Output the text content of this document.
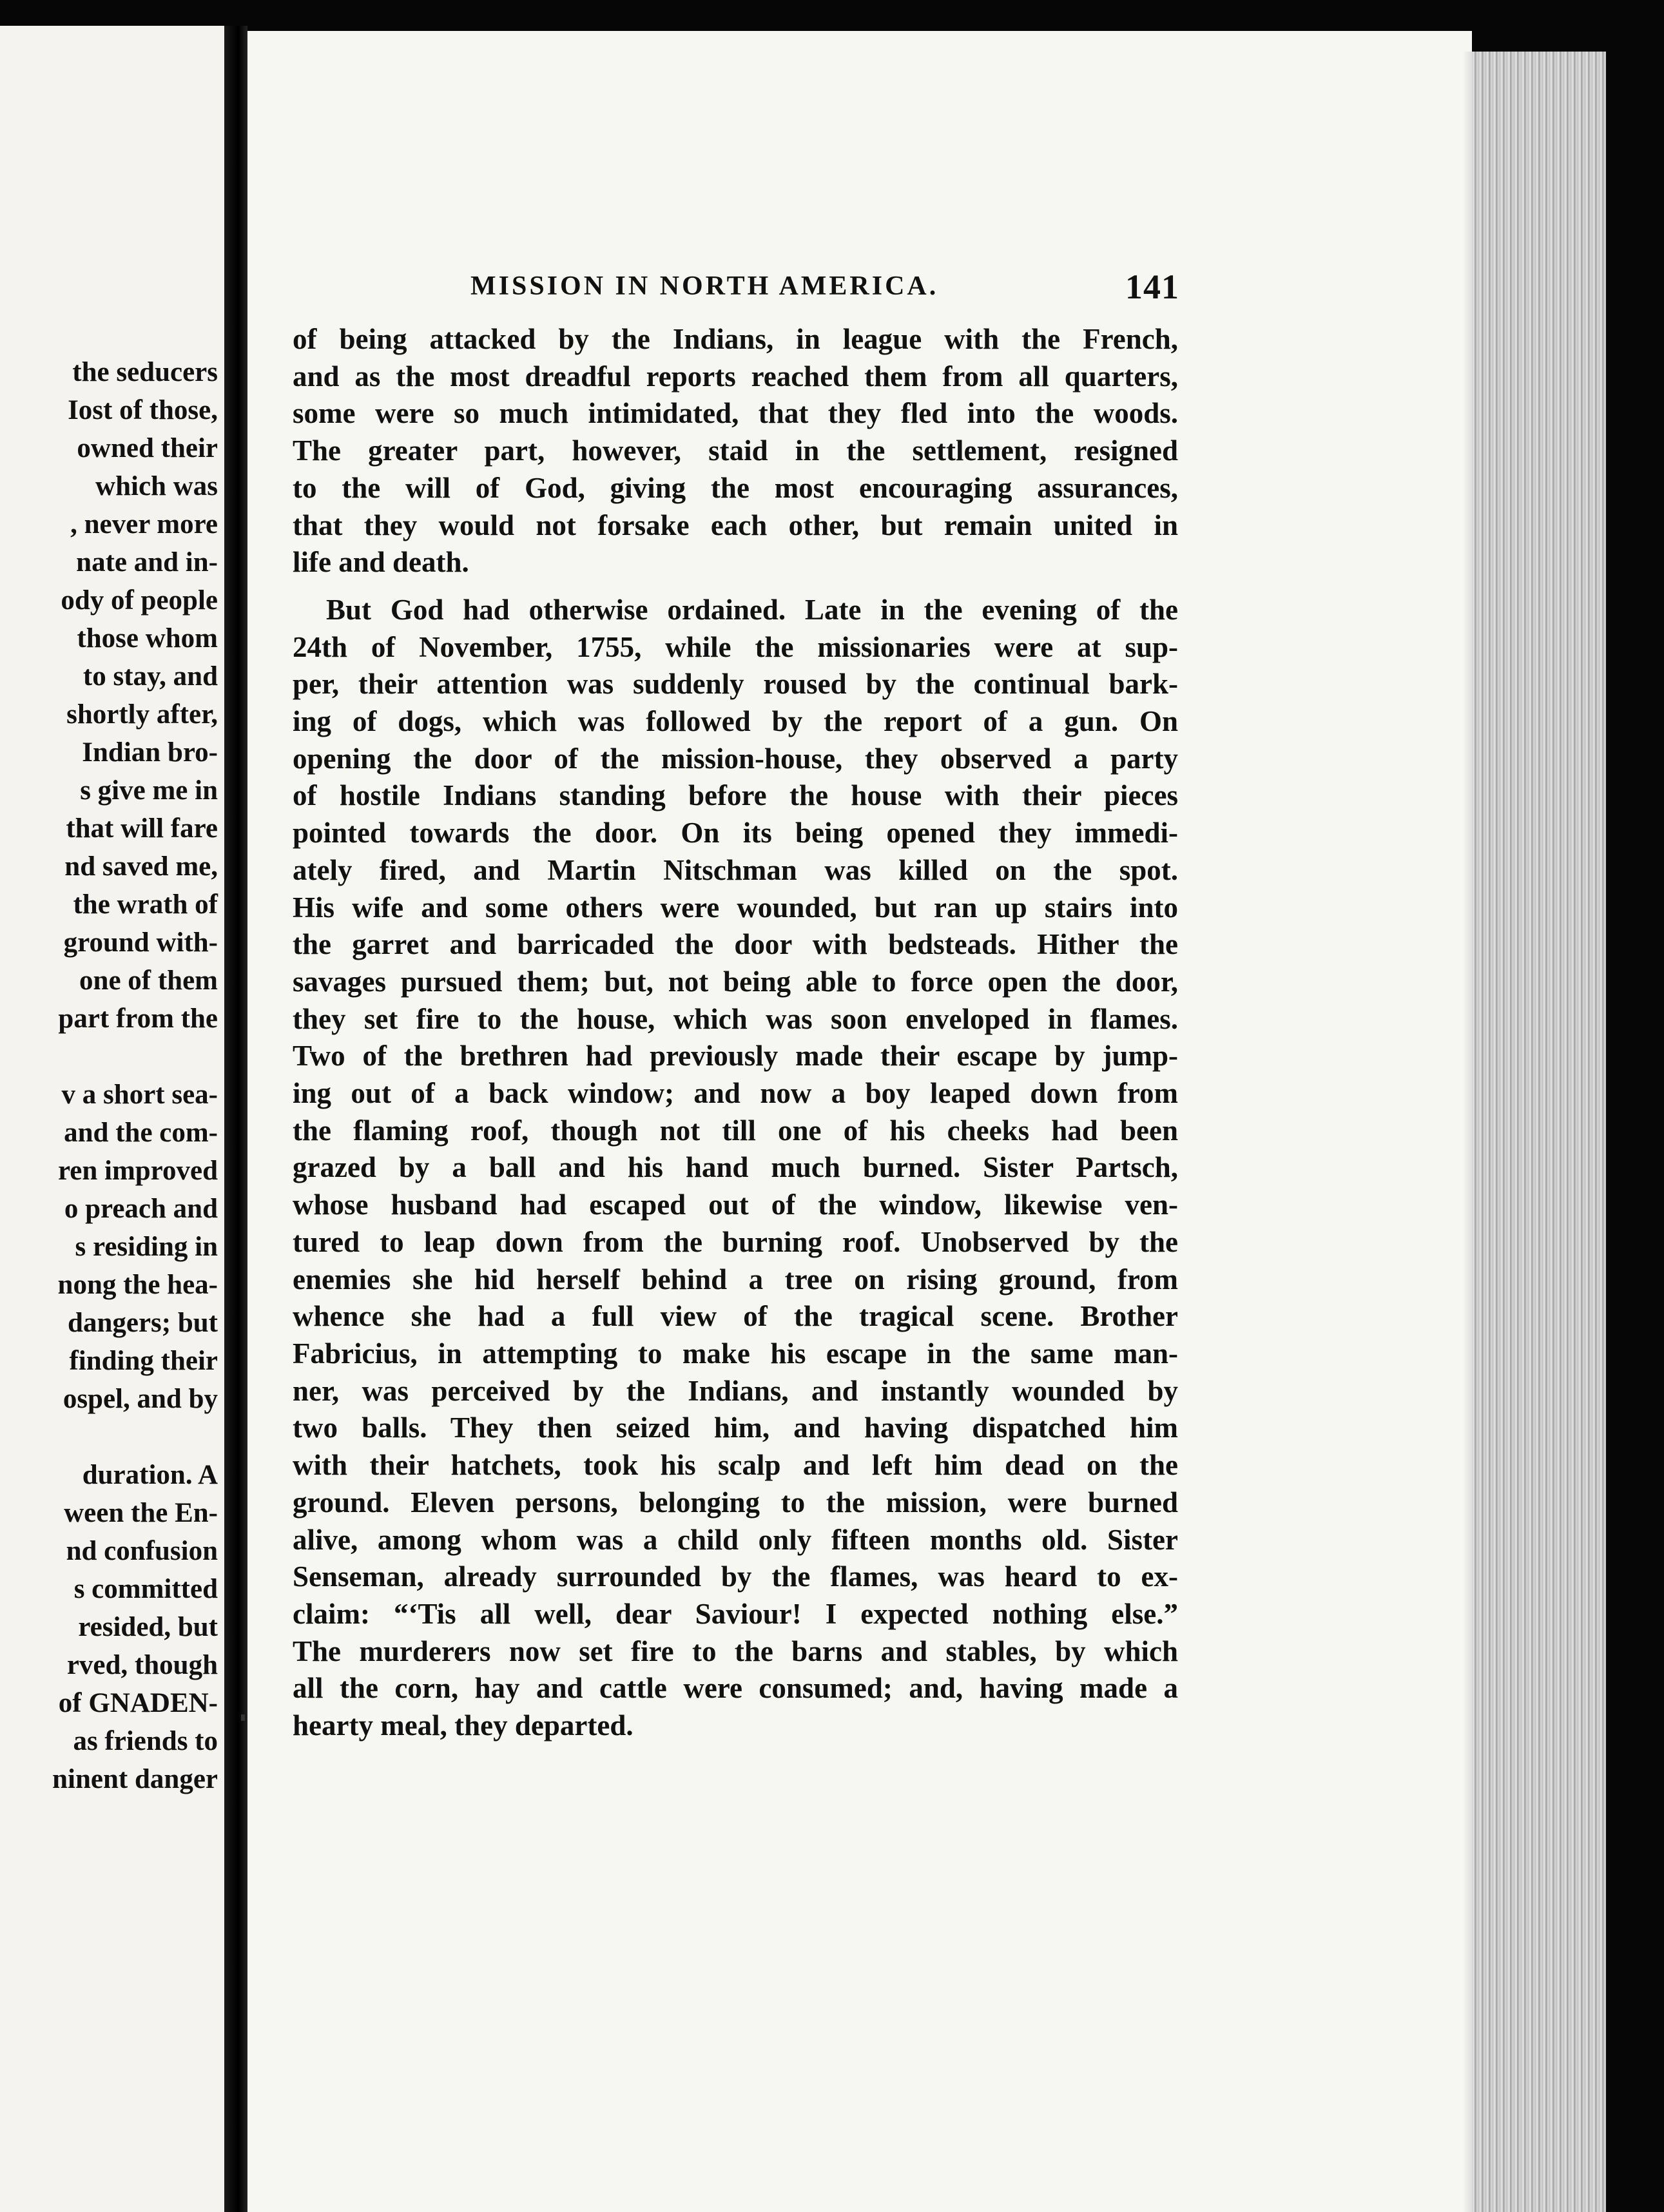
the seducers
Iost of those,
owned their
which was
, never more
nate and in-
ody of people
those whom
to stay, and
shortly after,
Indian bro-
s give me in
that will fare
nd saved me,
the wrath of
ground with-
one of them
part from the

v a short sea-
and the com-
ren improved
o preach and
s residing in
nong the hea-
dangers; but
finding their
ospel, and by

duration. A
ween the En-
nd confusion
s committed
resided, but
rved, though
of GNADEN-
as friends to
ninent danger
MISSION IN NORTH AMERICA.	141
of being attacked by the Indians, in league with the French,
and as the most dreadful reports reached them from all quarters,
some were so much intimidated, that they fled into the woods.
The greater part, however, staid in the settlement, resigned
to the will of God, giving the most encouraging assurances,
that they would not forsake each other, but remain united in
life and death.
But God had otherwise ordained. Late in the evening of the
24th of November, 1755, while the missionaries were at sup-
per, their attention was suddenly roused by the continual bark-
ing of dogs, which was followed by the report of a gun. On
opening the door of the mission-house, they observed a party
of hostile Indians standing before the house with their pieces
pointed towards the door. On its being opened they immedi-
ately fired, and Martin Nitschman was killed on the spot.
His wife and some others were wounded, but ran up stairs into
the garret and barricaded the door with bedsteads. Hither the
savages pursued them; but, not being able to force open the door,
they set fire to the house, which was soon enveloped in flames.
Two of the brethren had previously made their escape by jump-
ing out of a back window; and now a boy leaped down from
the flaming roof, though not till one of his cheeks had been
grazed by a ball and his hand much burned. Sister Partsch,
whose husband had escaped out of the window, likewise ven-
tured to leap down from the burning roof. Unobserved by the
enemies she hid herself behind a tree on rising ground, from
whence she had a full view of the tragical scene. Brother
Fabricius, in attempting to make his escape in the same man-
ner, was perceived by the Indians, and instantly wounded by
two balls. They then seized him, and having dispatched him
with their hatchets, took his scalp and left him dead on the
ground. Eleven persons, belonging to the mission, were burned
alive, among whom was a child only fifteen months old. Sister
Senseman, already surrounded by the flames, was heard to ex-
claim: “‘Tis all well, dear Saviour! I expected nothing else.”
The murderers now set fire to the barns and stables, by which
all the corn, hay and cattle were consumed; and, having made a
hearty meal, they departed.
